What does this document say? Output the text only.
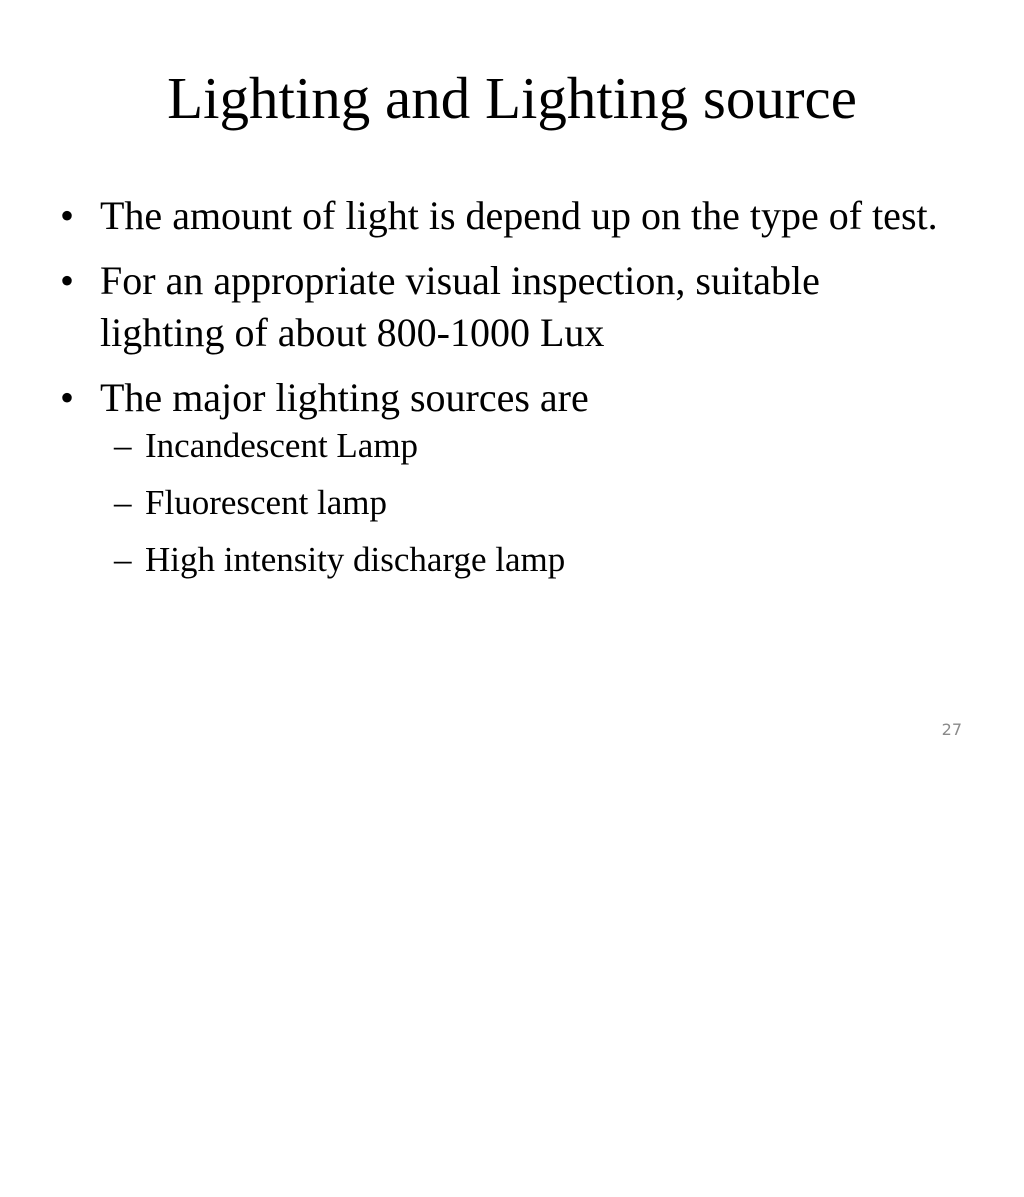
Lighting and Lighting source
• The amount of light is depend up on the type of test.
• For an appropriate visual inspection, suitable lighting of about 800-1000 Lux
• The major lighting sources are
– Incandescent Lamp
– Fluorescent lamp
– High intensity discharge lamp
27
